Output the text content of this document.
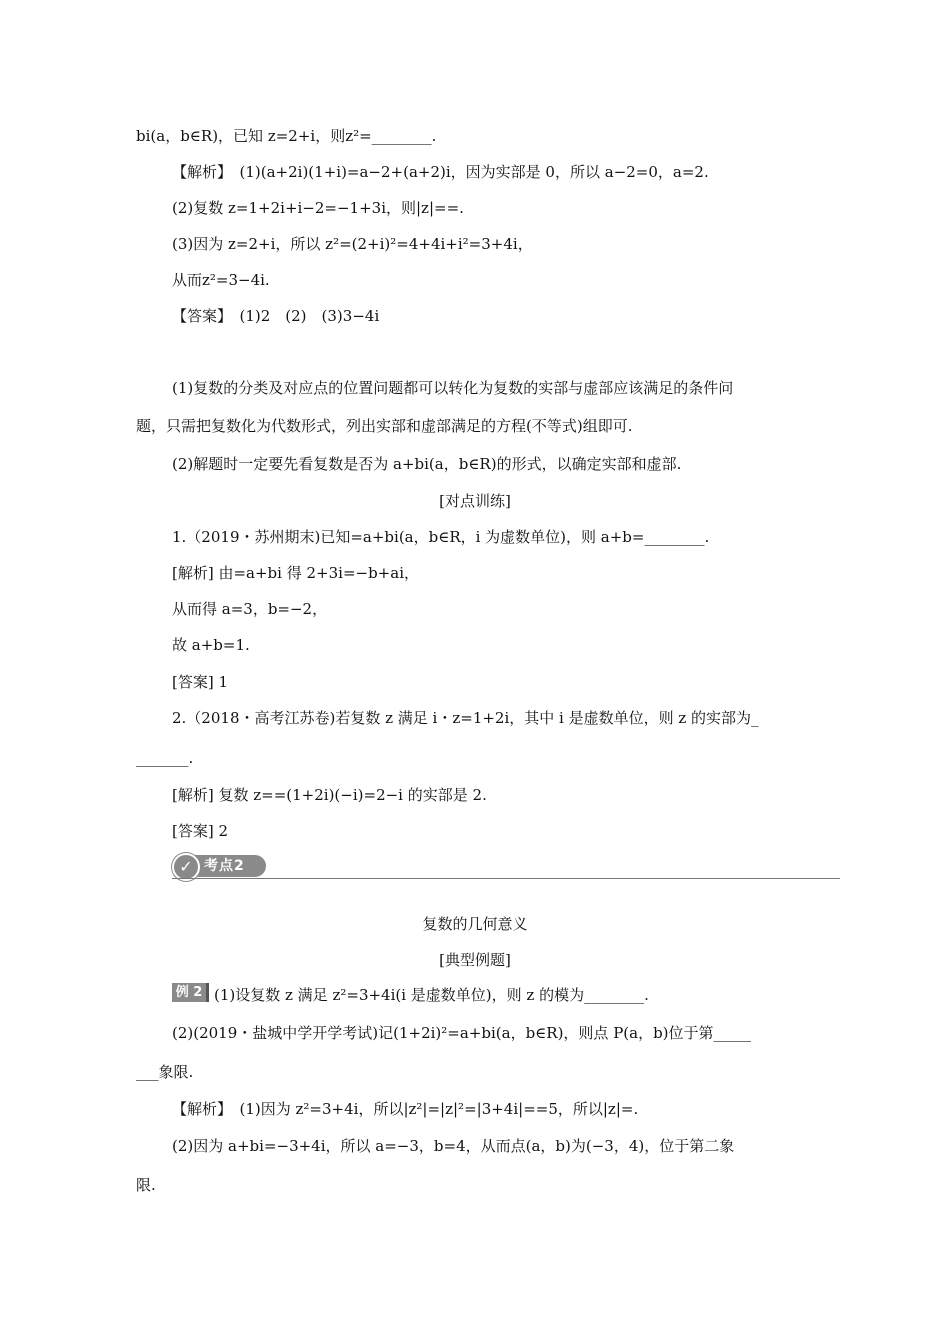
bi(a，b∈R)，已知 z=2+i，则z²=________.
【解析】　(1)(a+2i)(1+i)=a−2+(a+2)i，因为实部是 0，所以 a−2=0，a=2.
(2)复数 z=1+2i+i−2=−1+3i，则|z|==.
(3)因为 z=2+i，所以 z²=(2+i)²=4+4i+i²=3+4i，
从而z²=3−4i.
【答案】　(1)2　(2)　(3)3−4i
(1)复数的分类及对应点的位置问题都可以转化为复数的实部与虚部应该满足的条件问
题，只需把复数化为代数形式，列出实部和虚部满足的方程(不等式)组即可.
(2)解题时一定要先看复数是否为 a+bi(a，b∈R)的形式，以确定实部和虚部.
[对点训练]
1.（2019・苏州期末)已知=a+bi(a，b∈R，i 为虚数单位)，则 a+b=________.
[解析] 由=a+bi 得 2+3i=−b+ai，
从而得 a=3，b=−2，
故 a+b=1.
[答案] 1
2.（2018・高考江苏卷)若复数 z 满足 i・z=1+2i，其中 i 是虚数单位，则 z 的实部为_
_______.
[解析] 复数 z==(1+2i)(−i)=2−i 的实部是 2.
[答案] 2
✓ 考点2
复数的几何意义
[典型例题]
例 2 (1)设复数 z 满足 z²=3+4i(i 是虚数单位)，则 z 的模为________.
(2)(2019・盐城中学开学考试)记(1+2i)²=a+bi(a，b∈R)，则点 P(a，b)位于第_____
___象限.
【解析】　(1)因为 z²=3+4i，所以|z²|=|z|²=|3+4i|==5，所以|z|=.
(2)因为 a+bi=−3+4i，所以 a=−3，b=4，从而点(a，b)为(−3，4)，位于第二象
限.
